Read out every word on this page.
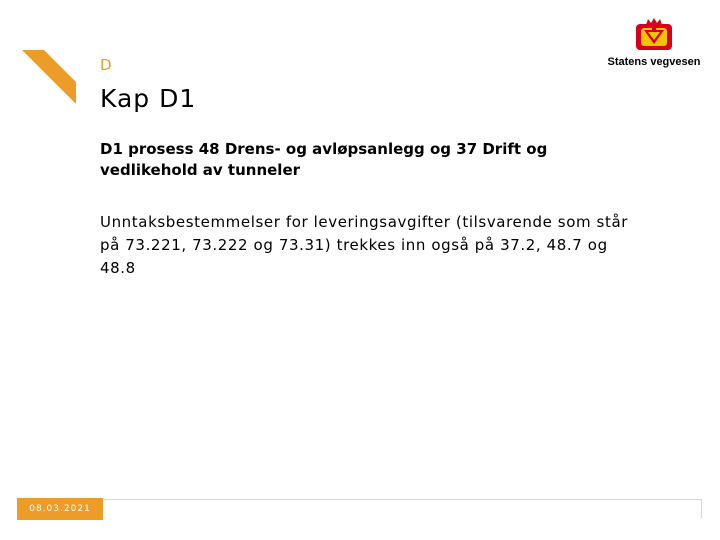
D
Kap D1
Statens vegvesen
D1 prosess 48 Drens- og avløpsanlegg og 37 Drift og vedlikehold av tunneler
Unntaksbestemmelser for leveringsavgifter (tilsvarende som står på 73.221, 73.222 og 73.31) trekkes inn også på 37.2, 48.7 og 48.8
08.03.2021
